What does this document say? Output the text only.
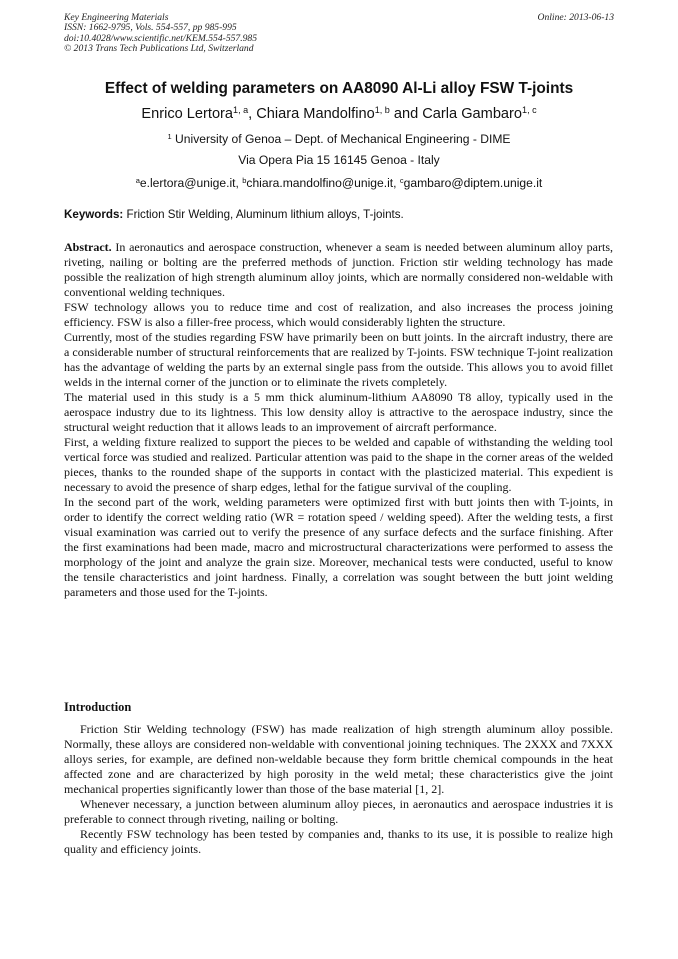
Key Engineering Materials
ISSN: 1662-9795, Vols. 554-557, pp 985-995
doi:10.4028/www.scientific.net/KEM.554-557.985
© 2013 Trans Tech Publications Ltd, Switzerland
Online: 2013-06-13
Effect of welding parameters on AA8090 Al-Li alloy FSW T-joints
Enrico Lertora$^{1, a}$, Chiara Mandolfino$^{1, b}$ and Carla Gambaro$^{1, c}$
$^1$ University of Genoa – Dept. of Mechanical Engineering - DIME
Via Opera Pia 15 16145 Genoa - Italy
$^a$e.lertora@unige.it, $^b$chiara.mandolfino@unige.it, $^c$gambaro@diptem.unige.it
Keywords: Friction Stir Welding, Aluminum lithium alloys, T-joints.

Abstract. In aeronautics and aerospace construction, whenever a seam is needed between aluminum alloy parts, riveting, nailing or bolting are the preferred methods of junction. Friction stir welding technology has made possible the realization of high strength aluminum alloy joints, which are normally considered non-weldable with conventional welding techniques.

FSW technology allows you to reduce time and cost of realization, and also increases the process joining efficiency. FSW is also a filler-free process, which would considerably lighten the structure.

Currently, most of the studies regarding FSW have primarily been on butt joints. In the aircraft industry, there are a considerable number of structural reinforcements that are realized by T-joints. FSW technique T-joint realization has the advantage of welding the parts by an external single pass from the outside. This allows you to avoid fillet welds in the internal corner of the junction or to eliminate the rivets completely.

The material used in this study is a 5 mm thick aluminum-lithium AA8090 T8 alloy, typically used in the aerospace industry due to its lightness. This low density alloy is attractive to the aerospace industry, since the structural weight reduction that it allows leads to an improvement of aircraft performance.

First, a welding fixture realized to support the pieces to be welded and capable of withstanding the welding tool vertical force was studied and realized. Particular attention was paid to the shape in the corner areas of the welded pieces, thanks to the rounded shape of the supports in contact with the plasticized material. This expedient is necessary to avoid the presence of sharp edges, lethal for the fatigue survival of the coupling.

In the second part of the work, welding parameters were optimized first with butt joints then with T-joints, in order to identify the correct welding ratio (WR = rotation speed / welding speed). After the welding tests, a first visual examination was carried out to verify the presence of any surface defects and the surface finishing. After the first examinations had been made, macro and microstructural characterizations were performed to assess the morphology of the joint and analyze the grain size. Moreover, mechanical tests were conducted, useful to know the tensile characteristics and joint hardness. Finally, a correlation was sought between the butt joint welding parameters and those used for the T-joints.

Introduction

Friction Stir Welding technology (FSW) has made realization of high strength aluminum alloy possible. Normally, these alloys are considered non-weldable with conventional joining techniques. The 2XXX and 7XXX alloys series, for example, are defined non-weldable because they form brittle chemical compounds in the heat affected zone and are characterized by high porosity in the weld metal; these characteristics give the joint mechanical properties significantly lower than those of the base material [1, 2].

Whenever necessary, a junction between aluminum alloy pieces, in aeronautics and aerospace industries it is preferable to connect through riveting, nailing or bolting.

Recently FSW technology has been tested by companies and, thanks to its use, it is possible to realize high quality and efficiency joints.
